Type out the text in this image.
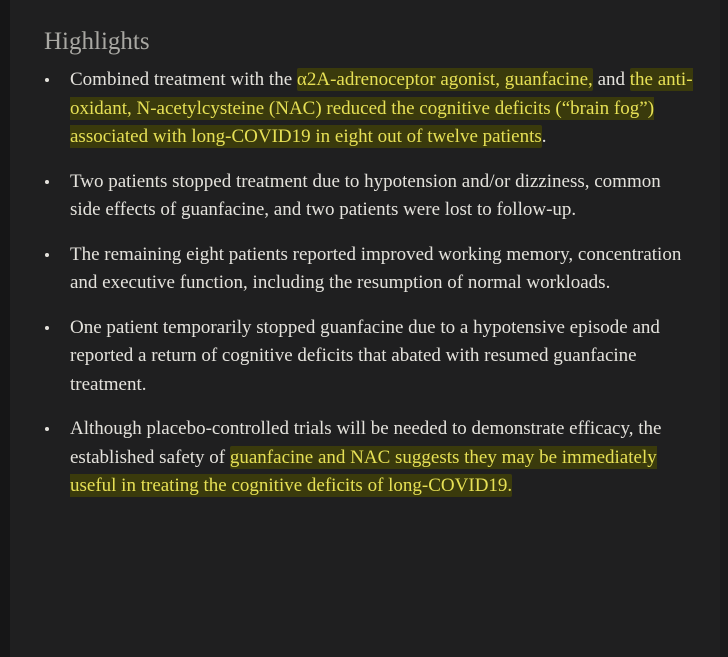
Highlights

Combined treatment with the α2A-adrenoceptor agonist, guanfacine, and the anti-oxidant, N-acetylcysteine (NAC) reduced the cognitive deficits (“brain fog”) associated with long-COVID19 in eight out of twelve patients.

Two patients stopped treatment due to hypotension and/or dizziness, common side effects of guanfacine, and two patients were lost to follow-up.

The remaining eight patients reported improved working memory, concentration and executive function, including the resumption of normal workloads.

One patient temporarily stopped guanfacine due to a hypotensive episode and reported a return of cognitive deficits that abated with resumed guanfacine treatment.

Although placebo-controlled trials will be needed to demonstrate efficacy, the established safety of guanfacine and NAC suggests they may be immediately useful in treating the cognitive deficits of long-COVID19.
